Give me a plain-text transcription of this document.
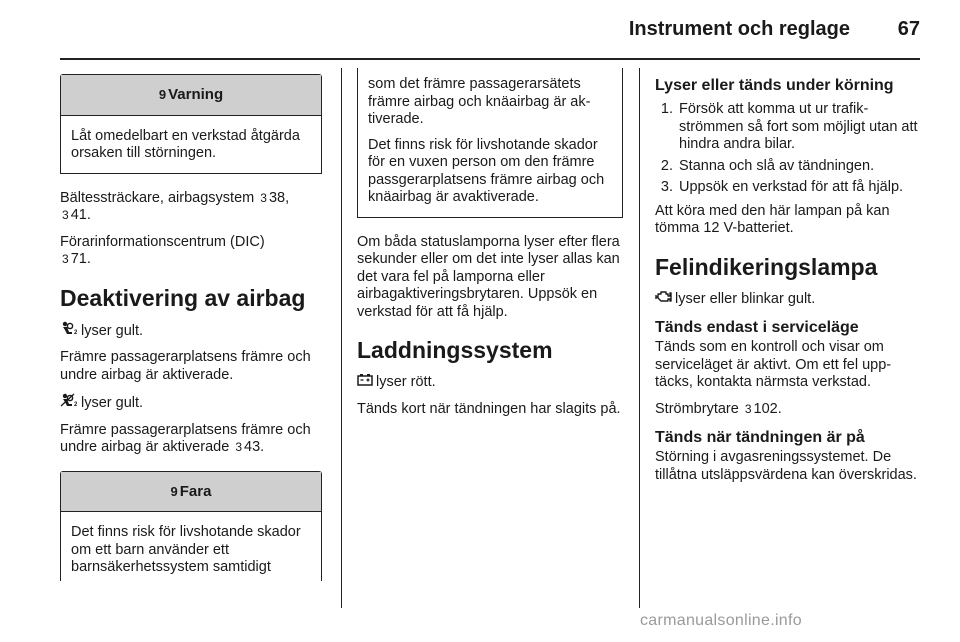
Instrument och reglage	67
9 Varning
Låt omedelbart en verkstad åtgärda orsaken till störningen.

Bältessträckare, airbagsystem 3 38, 3 41.

Förarinformationscentrum (DIC)
3 71.

Deaktivering av airbag

2 lyser gult.

Främre passagerarplatsens främre och undre airbag är aktiverade.

2 lyser gult.

Främre passagerarplatsens främre och undre airbag är aktiverade 3 43.

9 Fara
Det finns risk för livshotande skador om ett barn använder ett barnsäkerhetssystem samtidigt

som det främre passagerarsätets främre airbag och knäairbag är aktiverade.

Det finns risk för livshotande skador för en vuxen person om den främre passgerarplatsens främre airbag och knäairbag är avaktiverade.

Om båda statuslamporna lyser efter flera sekunder eller om det inte lyser allas kan det vara fel på lamporna eller airbagaktiveringsbrytaren. Uppsök en verkstad för att få hjälp.

Laddningssystem

lyser rött.

Tänds kort när tändningen har slagits på.

Lyser eller tänds under körning
1. Försök att komma ut ur trafikströmmen så fort som möjligt utan att hindra andra bilar.
2. Stanna och slå av tändningen.
3. Uppsök en verkstad för att få hjälp.

Att köra med den här lampan på kan tömma 12 V-batteriet.

Felindikeringslampa

lyser eller blinkar gult.

Tänds endast i serviceläge

Tänds som en kontroll och visar om serviceläget är aktivt. Om ett fel upptäcks, kontakta närmsta verkstad.

Strömbrytare 3 102.

Tänds när tändningen är på

Störning i avgasreningssystemet. De tillåtna utsläppsvärdena kan överskridas.

carmanualsonline.info
